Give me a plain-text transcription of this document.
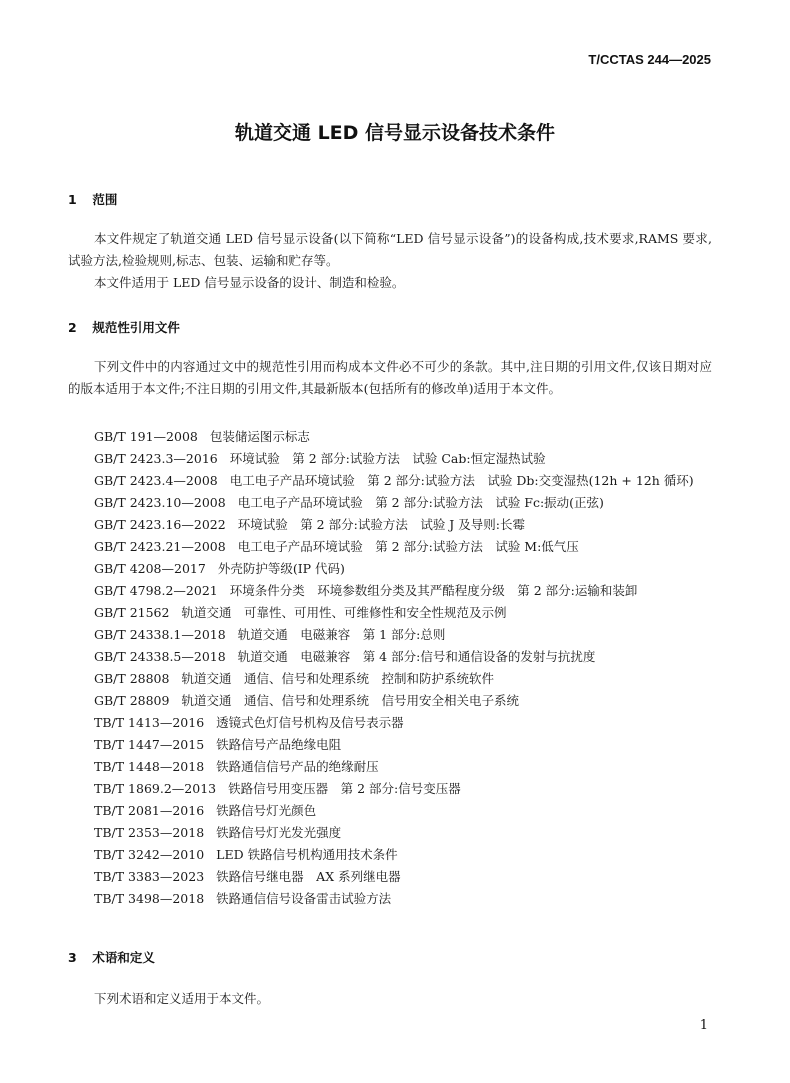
T/CCTAS 244—2025
轨道交通 LED 信号显示设备技术条件
1 范围

本文件规定了轨道交通 LED 信号显示设备(以下简称“LED 信号显示设备”)的设备构成,技术要求,RAMS 要求,试验方法,检验规则,标志、包装、运输和贮存等。

本文件适用于 LED 信号显示设备的设计、制造和检验。

2 规范性引用文件

下列文件中的内容通过文中的规范性引用而构成本文件必不可少的条款。其中,注日期的引用文件,仅该日期对应的版本适用于本文件;不注日期的引用文件,其最新版本(包括所有的修改单)适用于本文件。

GB/T 191—2008 包装储运图示标志
GB/T 2423.3—2016 环境试验　第 2 部分:试验方法　试验 Cab:恒定湿热试验
GB/T 2423.4—2008 电工电子产品环境试验　第 2 部分:试验方法　试验 Db:交变湿热(12h + 12h 循环)
GB/T 2423.10—2008 电工电子产品环境试验　第 2 部分:试验方法　试验 Fc:振动(正弦)
GB/T 2423.16—2022 环境试验　第 2 部分:试验方法　试验 J 及导则:长霉
GB/T 2423.21—2008 电工电子产品环境试验　第 2 部分:试验方法　试验 M:低气压
GB/T 4208—2017 外壳防护等级(IP 代码)
GB/T 4798.2—2021 环境条件分类　环境参数组分类及其严酷程度分级　第 2 部分:运输和装卸
GB/T 21562 轨道交通　可靠性、可用性、可维修性和安全性规范及示例
GB/T 24338.1—2018 轨道交通　电磁兼容　第 1 部分:总则
GB/T 24338.5—2018 轨道交通　电磁兼容　第 4 部分:信号和通信设备的发射与抗扰度
GB/T 28808 轨道交通　通信、信号和处理系统　控制和防护系统软件
GB/T 28809 轨道交通　通信、信号和处理系统　信号用安全相关电子系统
TB/T 1413—2016 透镜式色灯信号机构及信号表示器
TB/T 1447—2015 铁路信号产品绝缘电阻
TB/T 1448—2018 铁路通信信号产品的绝缘耐压
TB/T 1869.2—2013 铁路信号用变压器　第 2 部分:信号变压器
TB/T 2081—2016 铁路信号灯光颜色
TB/T 2353—2018 铁路信号灯光发光强度
TB/T 3242—2010 LED 铁路信号机构通用技术条件
TB/T 3383—2023 铁路信号继电器　AX 系列继电器
TB/T 3498—2018 铁路通信信号设备雷击试验方法
3 术语和定义

下列术语和定义适用于本文件。

1
